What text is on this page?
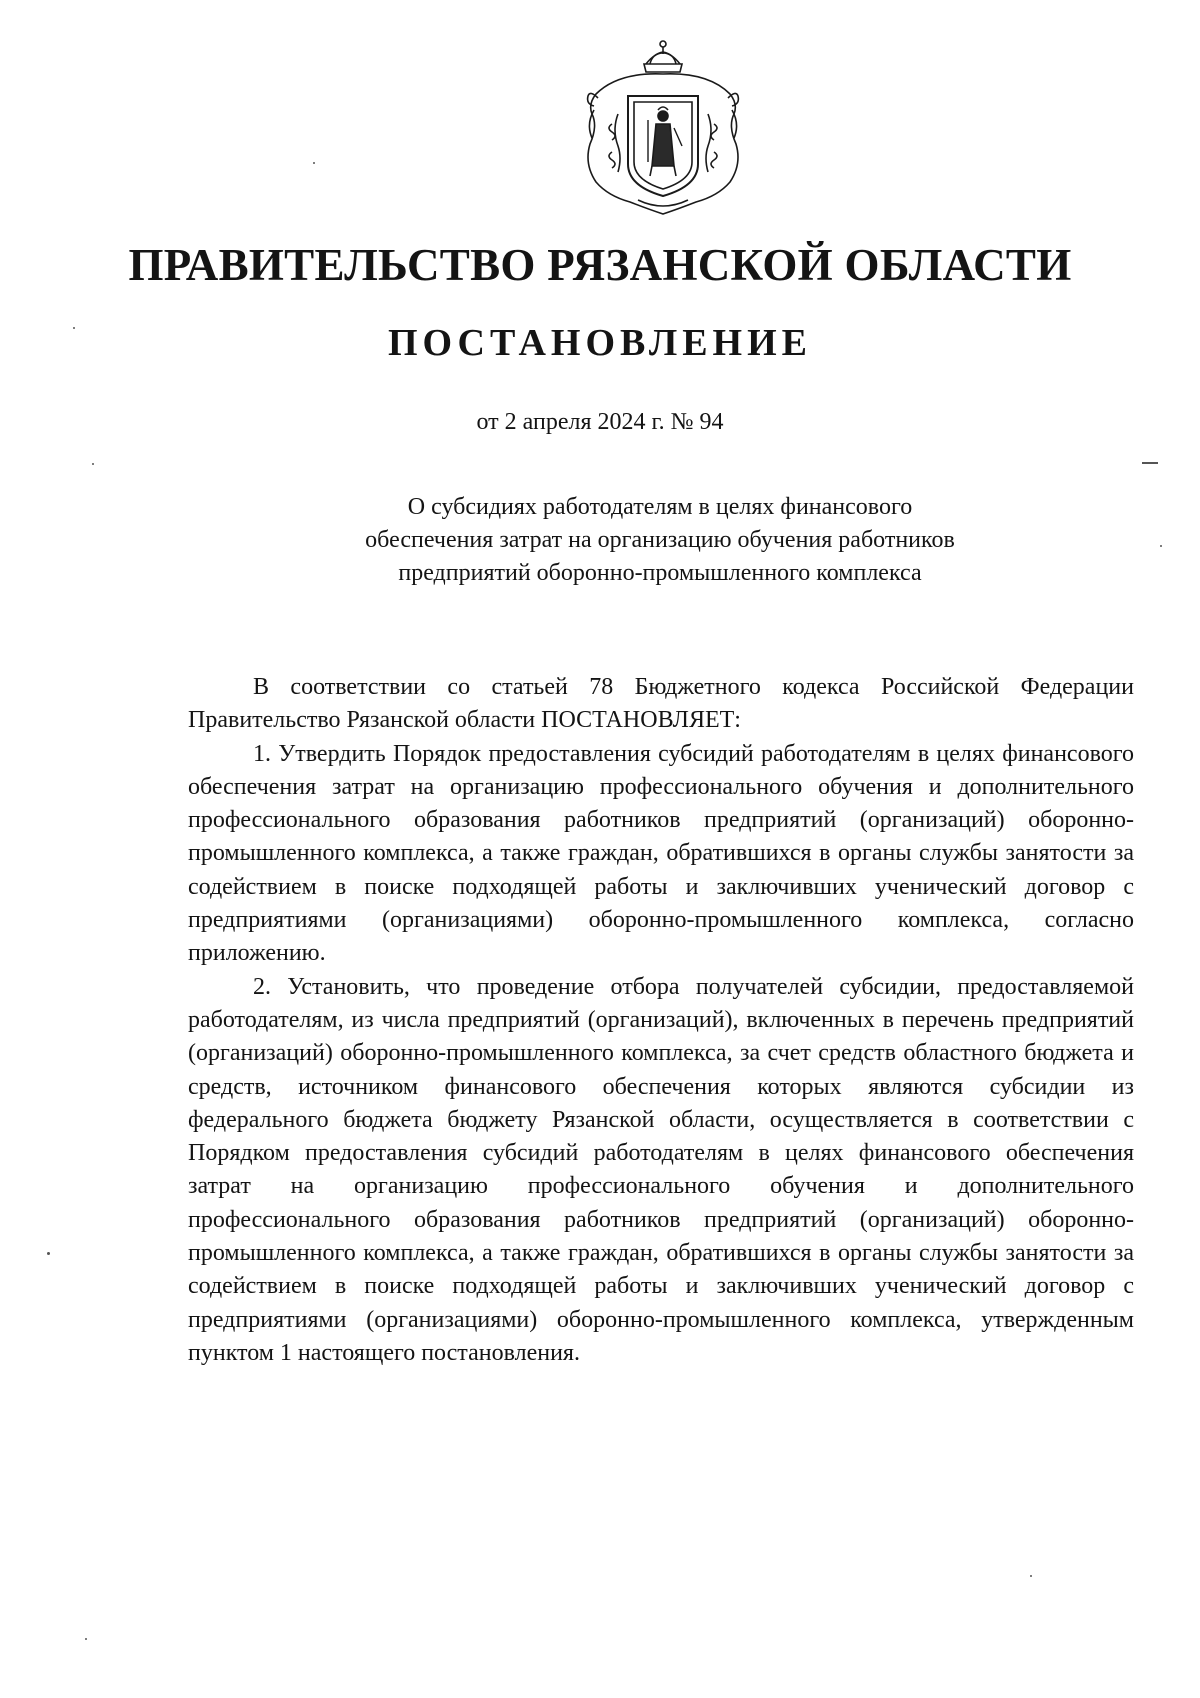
ПРАВИТЕЛЬСТВО РЯЗАНСКОЙ ОБЛАСТИ
ПОСТАНОВЛЕНИЕ
от 2 апреля 2024 г. № 94
О субсидиях работодателям в целях финансового
обеспечения затрат на организацию обучения работников
предприятий оборонно-промышленного комплекса

В соответствии со статьей 78 Бюджетного кодекса Российской Федерации Правительство Рязанской области ПОСТАНОВЛЯЕТ:

1. Утвердить Порядок предоставления субсидий работодателям в целях финансового обеспечения затрат на организацию профессионального обучения и дополнительного профессионального образования работников предприятий (организаций) оборонно-промышленного комплекса, а также граждан, обратившихся в органы службы занятости за содействием в поиске подходящей работы и заключивших ученический договор с предприятиями (организациями) оборонно-промышленного комплекса, согласно приложению.

2. Установить, что проведение отбора получателей субсидии, предоставляемой работодателям, из числа предприятий (организаций), включенных в перечень предприятий (организаций) оборонно-промышленного комплекса, за счет средств областного бюджета и средств, источником финансового обеспечения которых являются субсидии из федерального бюджета бюджету Рязанской области, осуществляется в соответствии с Порядком предоставления субсидий работодателям в целях финансового обеспечения затрат на организацию профессионального обучения и дополнительного профессионального образования работников предприятий (организаций) оборонно-промышленного комплекса, а также граждан, обратившихся в органы службы занятости за содействием в поиске подходящей работы и заключивших ученический договор с предприятиями (организациями) оборонно-промышленного комплекса, утвержденным пунктом 1 настоящего постановления.
